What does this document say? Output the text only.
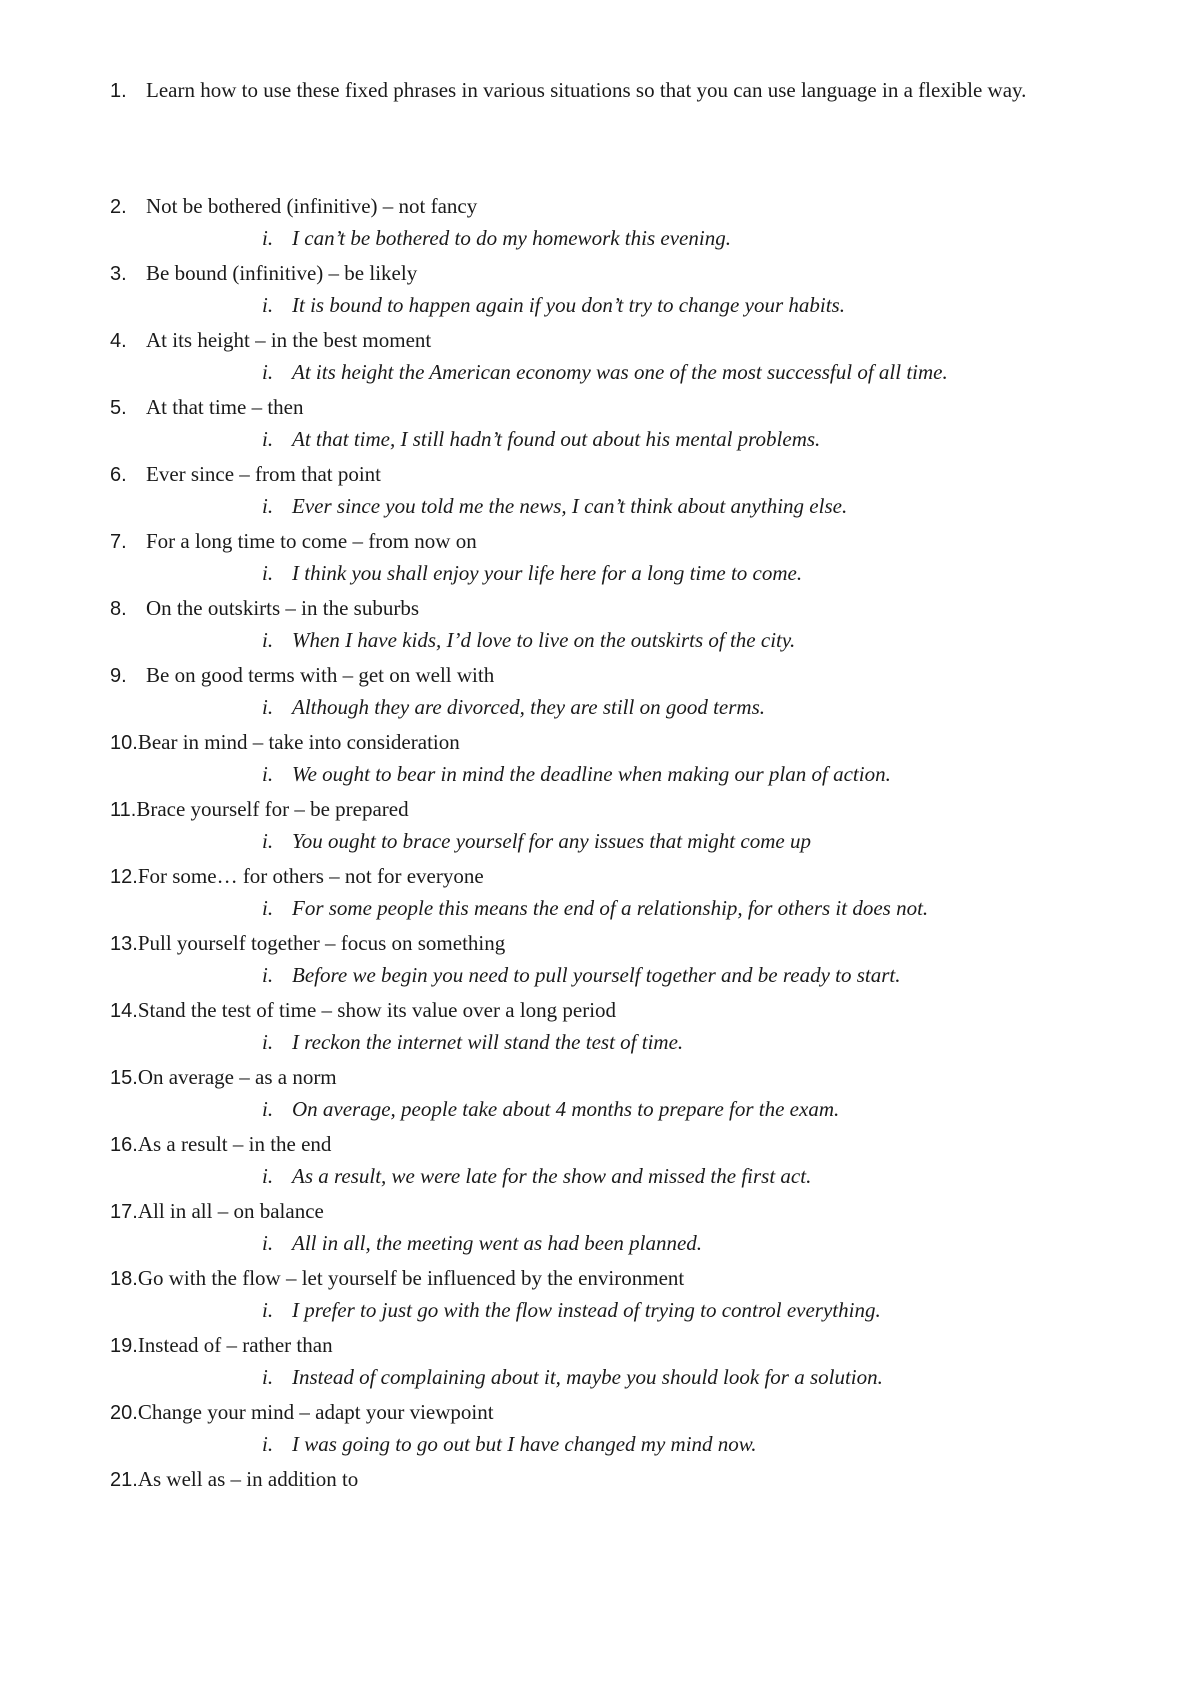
1. Learn how to use these fixed phrases in various situations so that you can use language in a flexible way.
2. Not be bothered (infinitive) – not fancy
i. I can’t be bothered to do my homework this evening.
3. Be bound (infinitive) – be likely
i. It is bound to happen again if you don’t try to change your habits.
4. At its height – in the best moment
i. At its height the American economy was one of the most successful of all time.
5. At that time – then
i. At that time, I still hadn’t found out about his mental problems.
6. Ever since – from that point
i. Ever since you told me the news, I can’t think about anything else.
7. For a long time to come – from now on
i. I think you shall enjoy your life here for a long time to come.
8. On the outskirts – in the suburbs
i. When I have kids, I’d love to live on the outskirts of the city.
9. Be on good terms with – get on well with
i. Although they are divorced, they are still on good terms.
10.Bear in mind – take into consideration
i. We ought to bear in mind the deadline when making our plan of action.
11.Brace yourself for – be prepared
i. You ought to brace yourself for any issues that might come up
12.For some… for others – not for everyone
i. For some people this means the end of a relationship, for others it does not.
13.Pull yourself together – focus on something
i. Before we begin you need to pull yourself together and be ready to start.
14.Stand the test of time – show its value over a long period
i. I reckon the internet will stand the test of time.
15.On average – as a norm
i. On average, people take about 4 months to prepare for the exam.
16.As a result – in the end
i. As a result, we were late for the show and missed the first act.
17.All in all – on balance
i. All in all, the meeting went as had been planned.
18.Go with the flow – let yourself be influenced by the environment
i. I prefer to just go with the flow instead of trying to control everything.
19.Instead of – rather than
i. Instead of complaining about it, maybe you should look for a solution.
20.Change your mind – adapt your viewpoint
i. I was going to go out but I have changed my mind now.
21.As well as – in addition to
